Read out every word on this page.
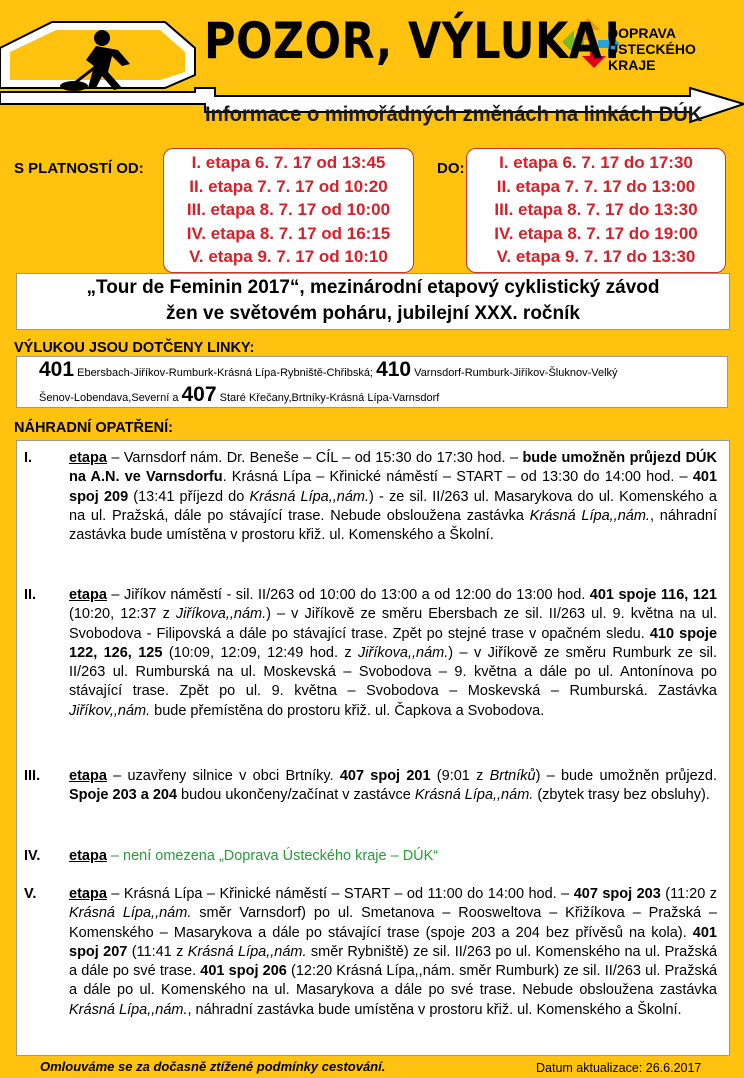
POZOR, VÝLUKA!
DOPRAVA
ÚSTECKÉHO
KRAJE
Informace o mimořádných změnách na linkách DÚK
S PLATNOSTÍ OD:	I. etapa 6. 7. 17 od 13:45
II. etapa 7. 7. 17 od 10:20
III. etapa 8. 7. 17 od 10:00
IV. etapa 8. 7. 17 od 16:15
V. etapa 9. 7. 17 od 10:10
DO:	I. etapa 6. 7. 17 do 17:30
II. etapa 7. 7. 17 do 13:00
III. etapa 8. 7. 17 do 13:30
IV. etapa 8. 7. 17 do 19:00
V. etapa 9. 7. 17 do 13:30
„Tour de Feminin 2017“, mezinárodní etapový cyklistický závod
žen ve světovém poháru, jubilejní XXX. ročník
VÝLUKOU JSOU DOTČENY LINKY:
401 Ebersbach-Jiříkov-Rumburk-Krásná Lípa-Rybniště-Chřibská; 410 Varnsdorf-Rumburk-Jiříkov-Šluknov-Velký
Šenov-Lobendava,Severní a 407 Staré Křečany,Brtníky-Krásná Lípa-Varnsdorf
NÁHRADNÍ OPATŘENÍ:
I.	etapa – Varnsdorf nám. Dr. Beneše – CÍL – od 15:30 do 17:30 hod. – bude umožněn průjezd DÚK na A.N. ve Varnsdorfu. Krásná Lípa – Křinické náměstí – START – od 13:30 do 14:00 hod. – 401 spoj 209 (13:41 příjezd do Krásná Lípa,,nám.) - ze sil. II/263 ul. Masarykova do ul. Komenského a na ul. Pražská, dále po stávající trase. Nebude obsloužena zastávka Krásná Lípa,,nám., náhradní zastávka bude umístěna v prostoru křiž. ul. Komenského a Školní.
II. etapa – Jiříkov náměstí - sil. II/263 od 10:00 do 13:00 a od 12:00 do 13:00 hod. 401 spoje 116, 121 (10:20, 12:37 z Jiříkova,,nám.) – v Jiříkově ze směru Ebersbach ze sil. II/263 ul. 9. května na ul. Svobodova - Filipovská a dále po stávající trase. Zpět po stejné trase v opačném sledu. 410 spoje 122, 126, 125 (10:09, 12:09, 12:49 hod. z Jiříkova,,nám.) – v Jiříkově ze směru Rumburk ze sil. II/263 ul. Rumburská na ul. Moskevská – Svobodova – 9. května a dále po ul. Antonínova po stávající trase. Zpět po ul. 9. května – Svobodova – Moskevská – Rumburská. Zastávka Jiříkov,,nám. bude přemístěna do prostoru křiž. ul. Čapkova a Svobodova.
III. etapa – uzavřeny silnice v obci Brtníky. 407 spoj 201 (9:01 z Brtníků) – bude umožněn průjezd. Spoje 203 a 204 budou ukončeny/začínat v zastávce Krásná Lípa,,nám. (zbytek trasy bez obsluhy).
IV. etapa – není omezena „Doprava Ústeckého kraje – DÚK“
V. etapa – Krásná Lípa – Křinické náměstí – START – od 11:00 do 14:00 hod. – 407 spoj 203 (11:20 z Krásná Lípa,,nám. směr Varnsdorf) po ul. Smetanova – Roosweltova – Křižíkova – Pražská – Komenského – Masarykova a dále po stávající trase (spoje 203 a 204 bez přívěsů na kola). 401 spoj 207 (11:41 z Krásná Lípa,,nám. směr Rybniště) ze sil. II/263 po ul. Komenského na ul. Pražská a dále po své trase. 401 spoj 206 (12:20 Krásná Lípa,,nám. směr Rumburk) ze sil. II/263 ul. Pražská a dále po ul. Komenského na ul. Masarykova a dále po své trase. Nebude obsloužena zastávka Krásná Lípa,,nám., náhradní zastávka bude umístěna v prostoru křiž. ul. Komenského a Školní.
Omlouváme se za dočasně ztížené podmínky cestování.	Datum aktualizace: 26.6.2017
